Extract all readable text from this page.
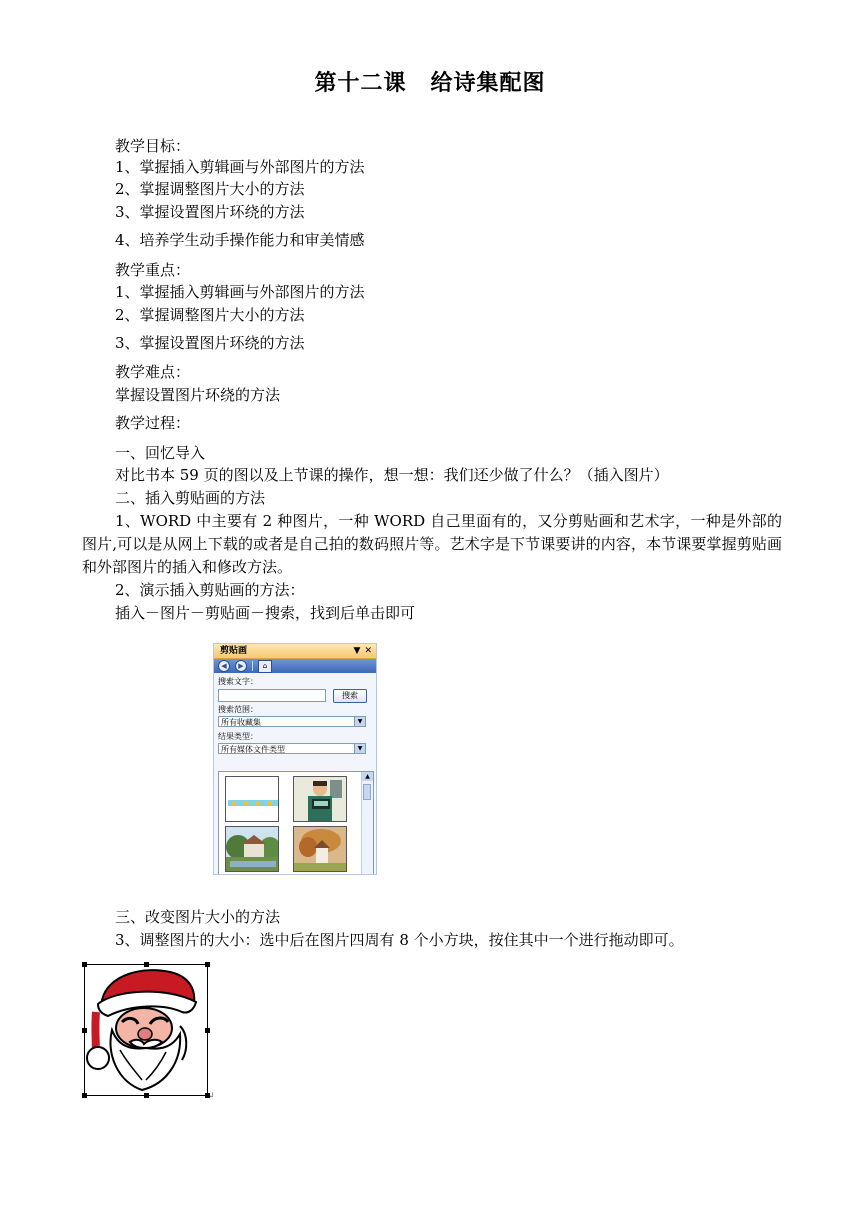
第十二课 给诗集配图
教学目标：
1、掌握插入剪辑画与外部图片的方法
2、掌握调整图片大小的方法
3、掌握设置图片环绕的方法
4、培养学生动手操作能力和审美情感
教学重点：
1、掌握插入剪辑画与外部图片的方法
2、掌握调整图片大小的方法
3、掌握设置图片环绕的方法
教学难点：
掌握设置图片环绕的方法
教学过程：
一、回忆导入
对比书本 59 页的图以及上节课的操作，想一想：我们还少做了什么？（插入图片）
二、插入剪贴画的方法
1、WORD 中主要有 2 种图片，一种 WORD 自己里面有的，又分剪贴画和艺术字，一种是外部的图片,可以是从网上下载的或者是自己拍的数码照片等。艺术字是下节课要讲的内容，本节课要掌握剪贴画和外部图片的插入和修改方法。
2、演示插入剪贴画的方法：
插入－图片－剪贴画－搜索，找到后单击即可
剪贴画	▼ ✕
◀	▶	⌂
搜索文字：
搜索
搜索范围：
所有收藏集	▼
结果类型：
所有媒体文件类型	▼
▲
三、改变图片大小的方法
3、调整图片的大小：选中后在图片四周有 8 个小方块，按住其中一个进行拖动即可。
↲
